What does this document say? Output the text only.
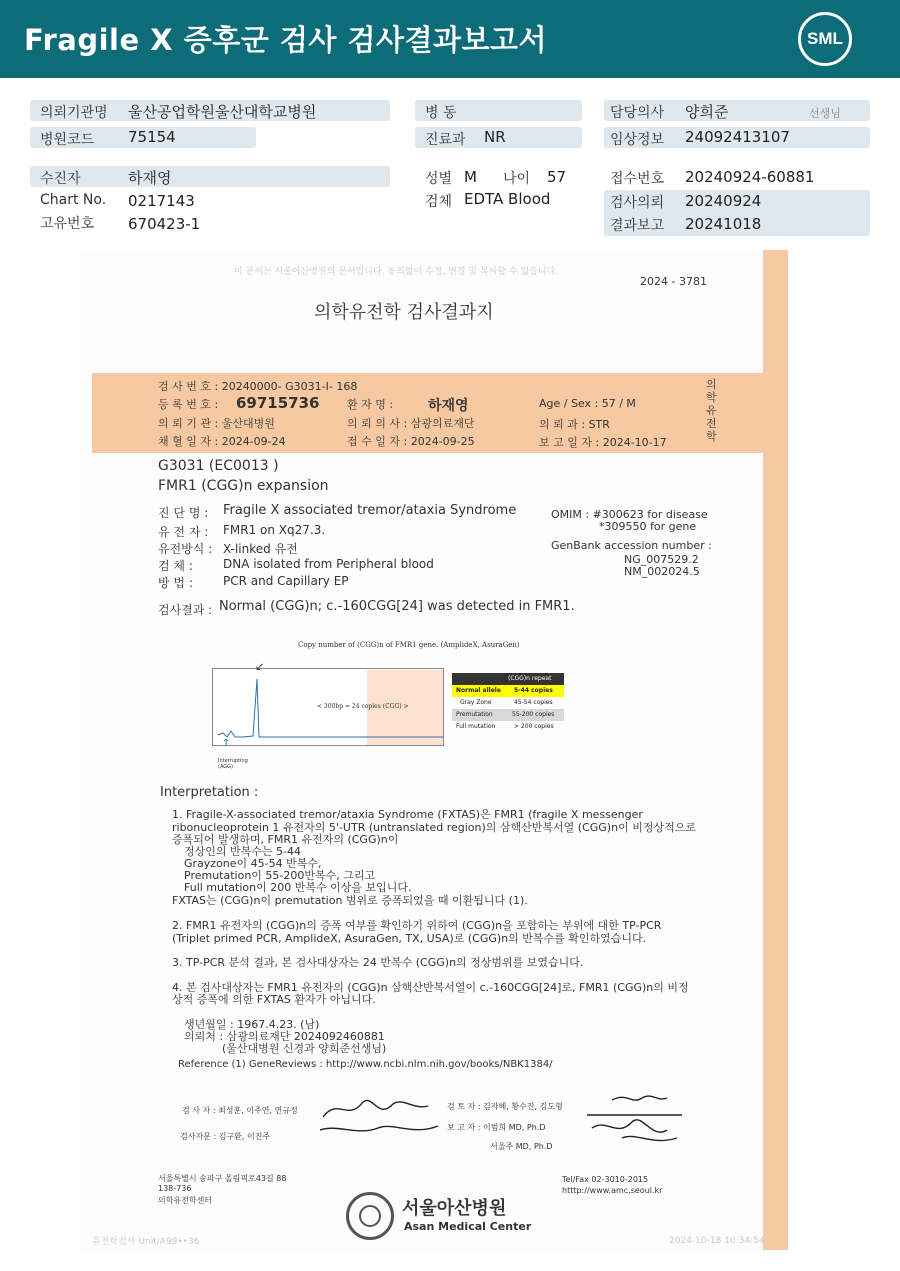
Fragile X 증후군 검사 검사결과보고서	SML
의뢰기관명 울산공업학원울산대학교병원
병원코드 75154
병 동
진료과 NR
담당의사 양희준	선생님
임상정보 24092413107
수진자	하재영
Chart No. 0217143
고유번호 670423-1
성별 M 나이 57
검체 EDTA Blood
접수번호 20240924-60881
검사의뢰 20240924
결과보고 20241018
이 문서는 서울아산병원의 문서입니다. 동의없이 수정, 변경 및 복사할 수 없습니다.
2024 - 3781
의학유전학 검사결과지
검 사 번 호 : 20240000- G3031-I- 168
등 록 번 호 : 69715736	환 자 명 : 하재영	Age / Sex : 57 / M
의 뢰 기 관 : 울산대병원	의 뢰 의 사 : 삼광의료재단	의 뢰 과 : STR
채 혈 일 자 : 2024-09-24	접 수 일 자 : 2024-09-25	보 고 일 자 : 2024-10-17
의학유전학
G3031 (EC0013 )
FMR1 (CGG)n expansion
진 단 명 : Fragile X associated tremor/ataxia Syndrome
유 전 자 : FMR1 on Xq27.3.
유전방식 : X-linked 유전
검 체 :	DNA isolated from Peripheral blood
방 법 :	PCR and Capillary EP
OMIM : #300623 for disease
*309550 for gene
GenBank accession number :
NG_007529.2
NM_002024.5
검사결과 : Normal (CGG)n; c.-160CGG[24] was detected in FMR1.
Copy number of (CGG)n of FMR1 gene. (AmplideX, AsuraGen)
< 300bp = 24 copies (CGG) >
↙
↑
Interrupting (AGG)
(CGG)n repeat
Normal allele 5-44 copies
Gray Zone	45-54 copies
Premutation	55-200 copies
Full mutation	> 200 copies
Interpretation :
1. Fragile-X-associated tremor/ataxia Syndrome (FXTAS)은 FMR1 (fragile X messenger
ribonucleoprotein 1 유전자의 5'-UTR (untranslated region)의 삼핵산반복서열 (CGG)n이 비정상적으로
증폭되어 발생하며, FMR1 유전자의 (CGG)n이
정상인의 반복수는 5-44
Grayzone이 45-54 반복수,
Premutation이 55-200반복수, 그리고
Full mutation이 200 반복수 이상을 보입니다.
FXTAS는 (CGG)n이 premutation 범위로 증폭되었을 때 이환됩니다 (1).
2. FMR1 유전자의 (CGG)n의 증폭 여부를 확인하기 위하여 (CGG)n을 포함하는 부위에 대한 TP-PCR
(Triplet primed PCR, AmplideX, AsuraGen, TX, USA)로 (CGG)n의 반복수를 확인하였습니다.
3. TP-PCR 분석 결과, 본 검사대상자는 24 반복수 (CGG)n의 정상범위를 보였습니다.
4. 본 검사대상자는 FMR1 유전자의 (CGG)n 삼핵산반복서열이 c.-160CGG[24]로, FMR1 (CGG)n의 비정
상적 증폭에 의한 FXTAS 환자가 아닙니다.
생년월일 : 1967.4.23. (남)
의뢰처 : 삼광의료재단 2024092460881
(울산대병원 신경과 양희준선생님)
Reference (1) GeneReviews : http://www.ncbi.nlm.nih.gov/books/NBK1384/
검 사 자 : 최성훈, 이주연, 연규정
검사자문 : 김구환, 이진주
검 토 자 : 김자혜, 황수진, 김도형
보 고 자 : 이범희 MD, Ph.D
서울주 MD, Ph.D
서울특별시 송파구 올림픽로43길 88
138-736
의학유전학센터
Tel/Fax 02-3010-2015
htttp://www.amc.seoul.kr
서울아산병원
Asan Medical Center
유전학검사 Unit/A99••36	2024-10-18 10:34:54
